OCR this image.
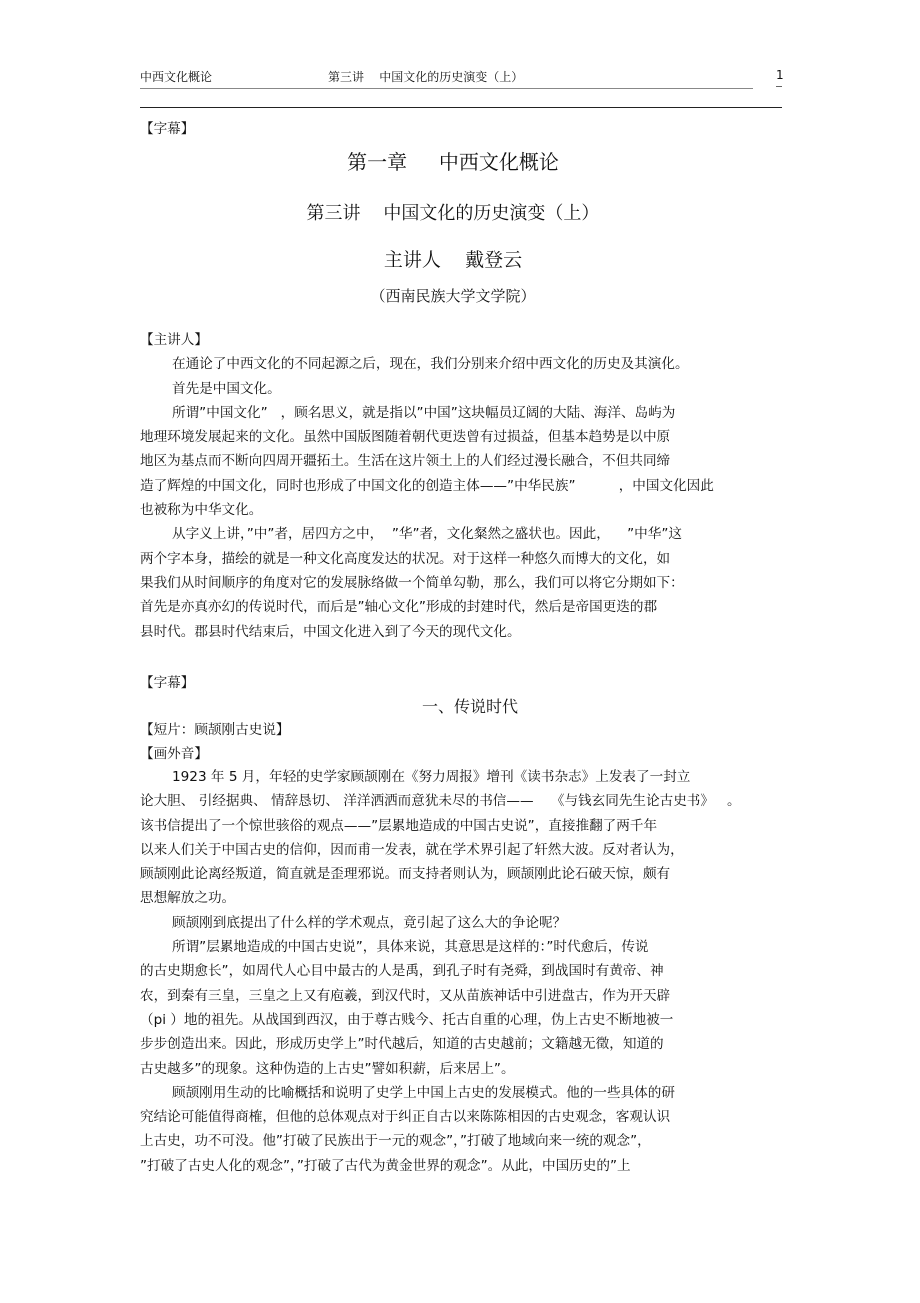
中西文化概论	第三讲    中国文化的历史演变（上）	1
【字幕】
第一章     中西文化概论
第三讲    中国文化的历史演变（上）
主讲人    戴登云
（西南民族大学文学院）
【主讲人】
在通论了中西文化的不同起源之后，现在，我们分别来介绍中西文化的历史及其演化。
首先是中国文化。
所谓”中国文化”   ，顾名思义，就是指以”中国”这块幅员辽阔的大陆、海洋、岛屿为
地理环境发展起来的文化。虽然中国版图随着朝代更迭曾有过损益，但基本趋势是以中原
地区为基点而不断向四周开疆拓土。生活在这片领土上的人们经过漫长融合，不但共同缔
造了辉煌的中国文化，同时也形成了中国文化的创造主体——”中华民族”          ，中国文化因此
也被称为中华文化。
从字义上讲，”中”者，居四方之中，  ”华”者，文化粲然之盛状也。因此，    ”中华”这
两个字本身，描绘的就是一种文化高度发达的状况。对于这样一种悠久而博大的文化，如
果我们从时间顺序的角度对它的发展脉络做一个简单勾勒，那么，我们可以将它分期如下：
首先是亦真亦幻的传说时代，而后是”轴心文化”形成的封建时代，然后是帝国更迭的郡
县时代。郡县时代结束后，中国文化进入到了今天的现代文化。
【字幕】
一、传说时代
【短片：顾颉刚古史说】
【画外音】
1923 年 5 月，年轻的史学家顾颉刚在《努力周报》增刊《读书杂志》上发表了一封立
论大胆、 引经据典、 情辞恳切、 洋洋洒洒而意犹未尽的书信——    《与钱玄同先生论古史书》   。
该书信提出了一个惊世骇俗的观点——”层累地造成的中国古史说”，直接推翻了两千年
以来人们关于中国古史的信仰，因而甫一发表，就在学术界引起了轩然大波。反对者认为，
顾颉刚此论离经叛道，简直就是歪理邪说。而支持者则认为，顾颉刚此论石破天惊，颇有
思想解放之功。
顾颉刚到底提出了什么样的学术观点，竟引起了这么大的争论呢？
所谓”层累地造成的中国古史说”，具体来说，其意思是这样的：”时代愈后，传说
的古史期愈长”，如周代人心目中最古的人是禹，到孔子时有尧舜，到战国时有黄帝、神
农，到秦有三皇，三皇之上又有庖羲，到汉代时，又从苗族神话中引进盘古，作为开天辟
（pi ）地的祖先。从战国到西汉，由于尊古贱今、托古自重的心理，伪上古史不断地被一
步步创造出来。因此，形成历史学上”时代越后，知道的古史越前；文籍越无徵，知道的
古史越多”的现象。这种伪造的上古史”譬如积薪，后来居上”。
顾颉刚用生动的比喻概括和说明了史学上中国上古史的发展模式。他的一些具体的研
究结论可能值得商榷，但他的总体观点对于纠正自古以来陈陈相因的古史观念，客观认识
上古史，功不可没。他”打破了民族出于一元的观念”，”打破了地域向来一统的观念”，
”打破了古史人化的观念”，”打破了古代为黄金世界的观念”。从此，中国历史的”上
